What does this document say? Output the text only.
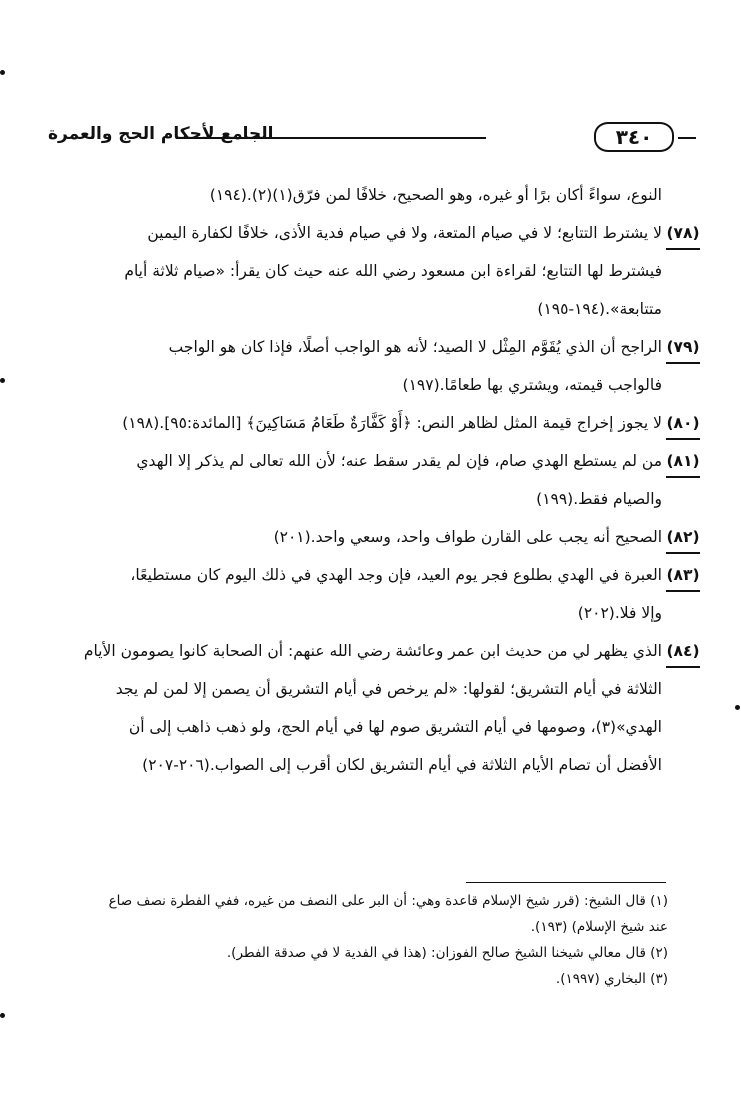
٣٤٠
الجامع لأحكام الحج والعمرة

النوع، سواءً أكان برًا أو غيره، وهو الصحيح، خلافًا لمن فرّق(١)(٢).(١٩٤)

(٧٨)
لا يشترط التتابع؛ لا في صيام المتعة، ولا في صيام فدية الأذى، خلافًا لكفارة اليمين
فيشترط لها التتابع؛ لقراءة ابن مسعود رضي الله عنه حيث كان يقرأ: «صيام ثلاثة أيام
متتابعة».(١٩٤-١٩٥)
(٧٩)
الراجح أن الذي يُقَوَّم المِثْل لا الصيد؛ لأنه هو الواجب أصلًا، فإذا كان هو الواجب
فالواجب قيمته، ويشتري بها طعامًا.(١٩٧)
(٨٠)
لا يجوز إخراج قيمة المثل لظاهر النص: ﴿أَوْ كَفَّارَةٌ طَعَامُ مَسَاكِينَ﴾ [المائدة:٩٥].(١٩٨)
(٨١)
من لم يستطع الهدي صام، فإن لم يقدر سقط عنه؛ لأن الله تعالى لم يذكر إلا الهدي
والصيام فقط.(١٩٩)
(٨٢)
الصحيح أنه يجب على القارن طواف واحد، وسعي واحد.(٢٠١)
(٨٣)
العبرة في الهدي بطلوع فجر يوم العيد، فإن وجد الهدي في ذلك اليوم كان مستطيعًا،
وإلا فلا.(٢٠٢)
(٨٤)
الذي يظهر لي من حديث ابن عمر وعائشة رضي الله عنهم: أن الصحابة كانوا يصومون الأيام
الثلاثة في أيام التشريق؛ لقولها: «لم يرخص في أيام التشريق أن يصمن إلا لمن لم يجد
الهدي»(٣)، وصومها في أيام التشريق صوم لها في أيام الحج، ولو ذهب ذاهب إلى أن
الأفضل أن تصام الأيام الثلاثة في أيام التشريق لكان أقرب إلى الصواب.(٢٠٦-٢٠٧)
(١) قال الشيخ: (قرر شيخ الإسلام قاعدة وهي: أن البر على النصف من غيره، ففي الفطرة نصف صاع
عند شيخ الإسلام) (١٩٣).
(٢) قال معالي شيخنا الشيخ صالح الفوزان: (هذا في الفدية لا في صدقة الفطر).
(٣) البخاري (١٩٩٧).
